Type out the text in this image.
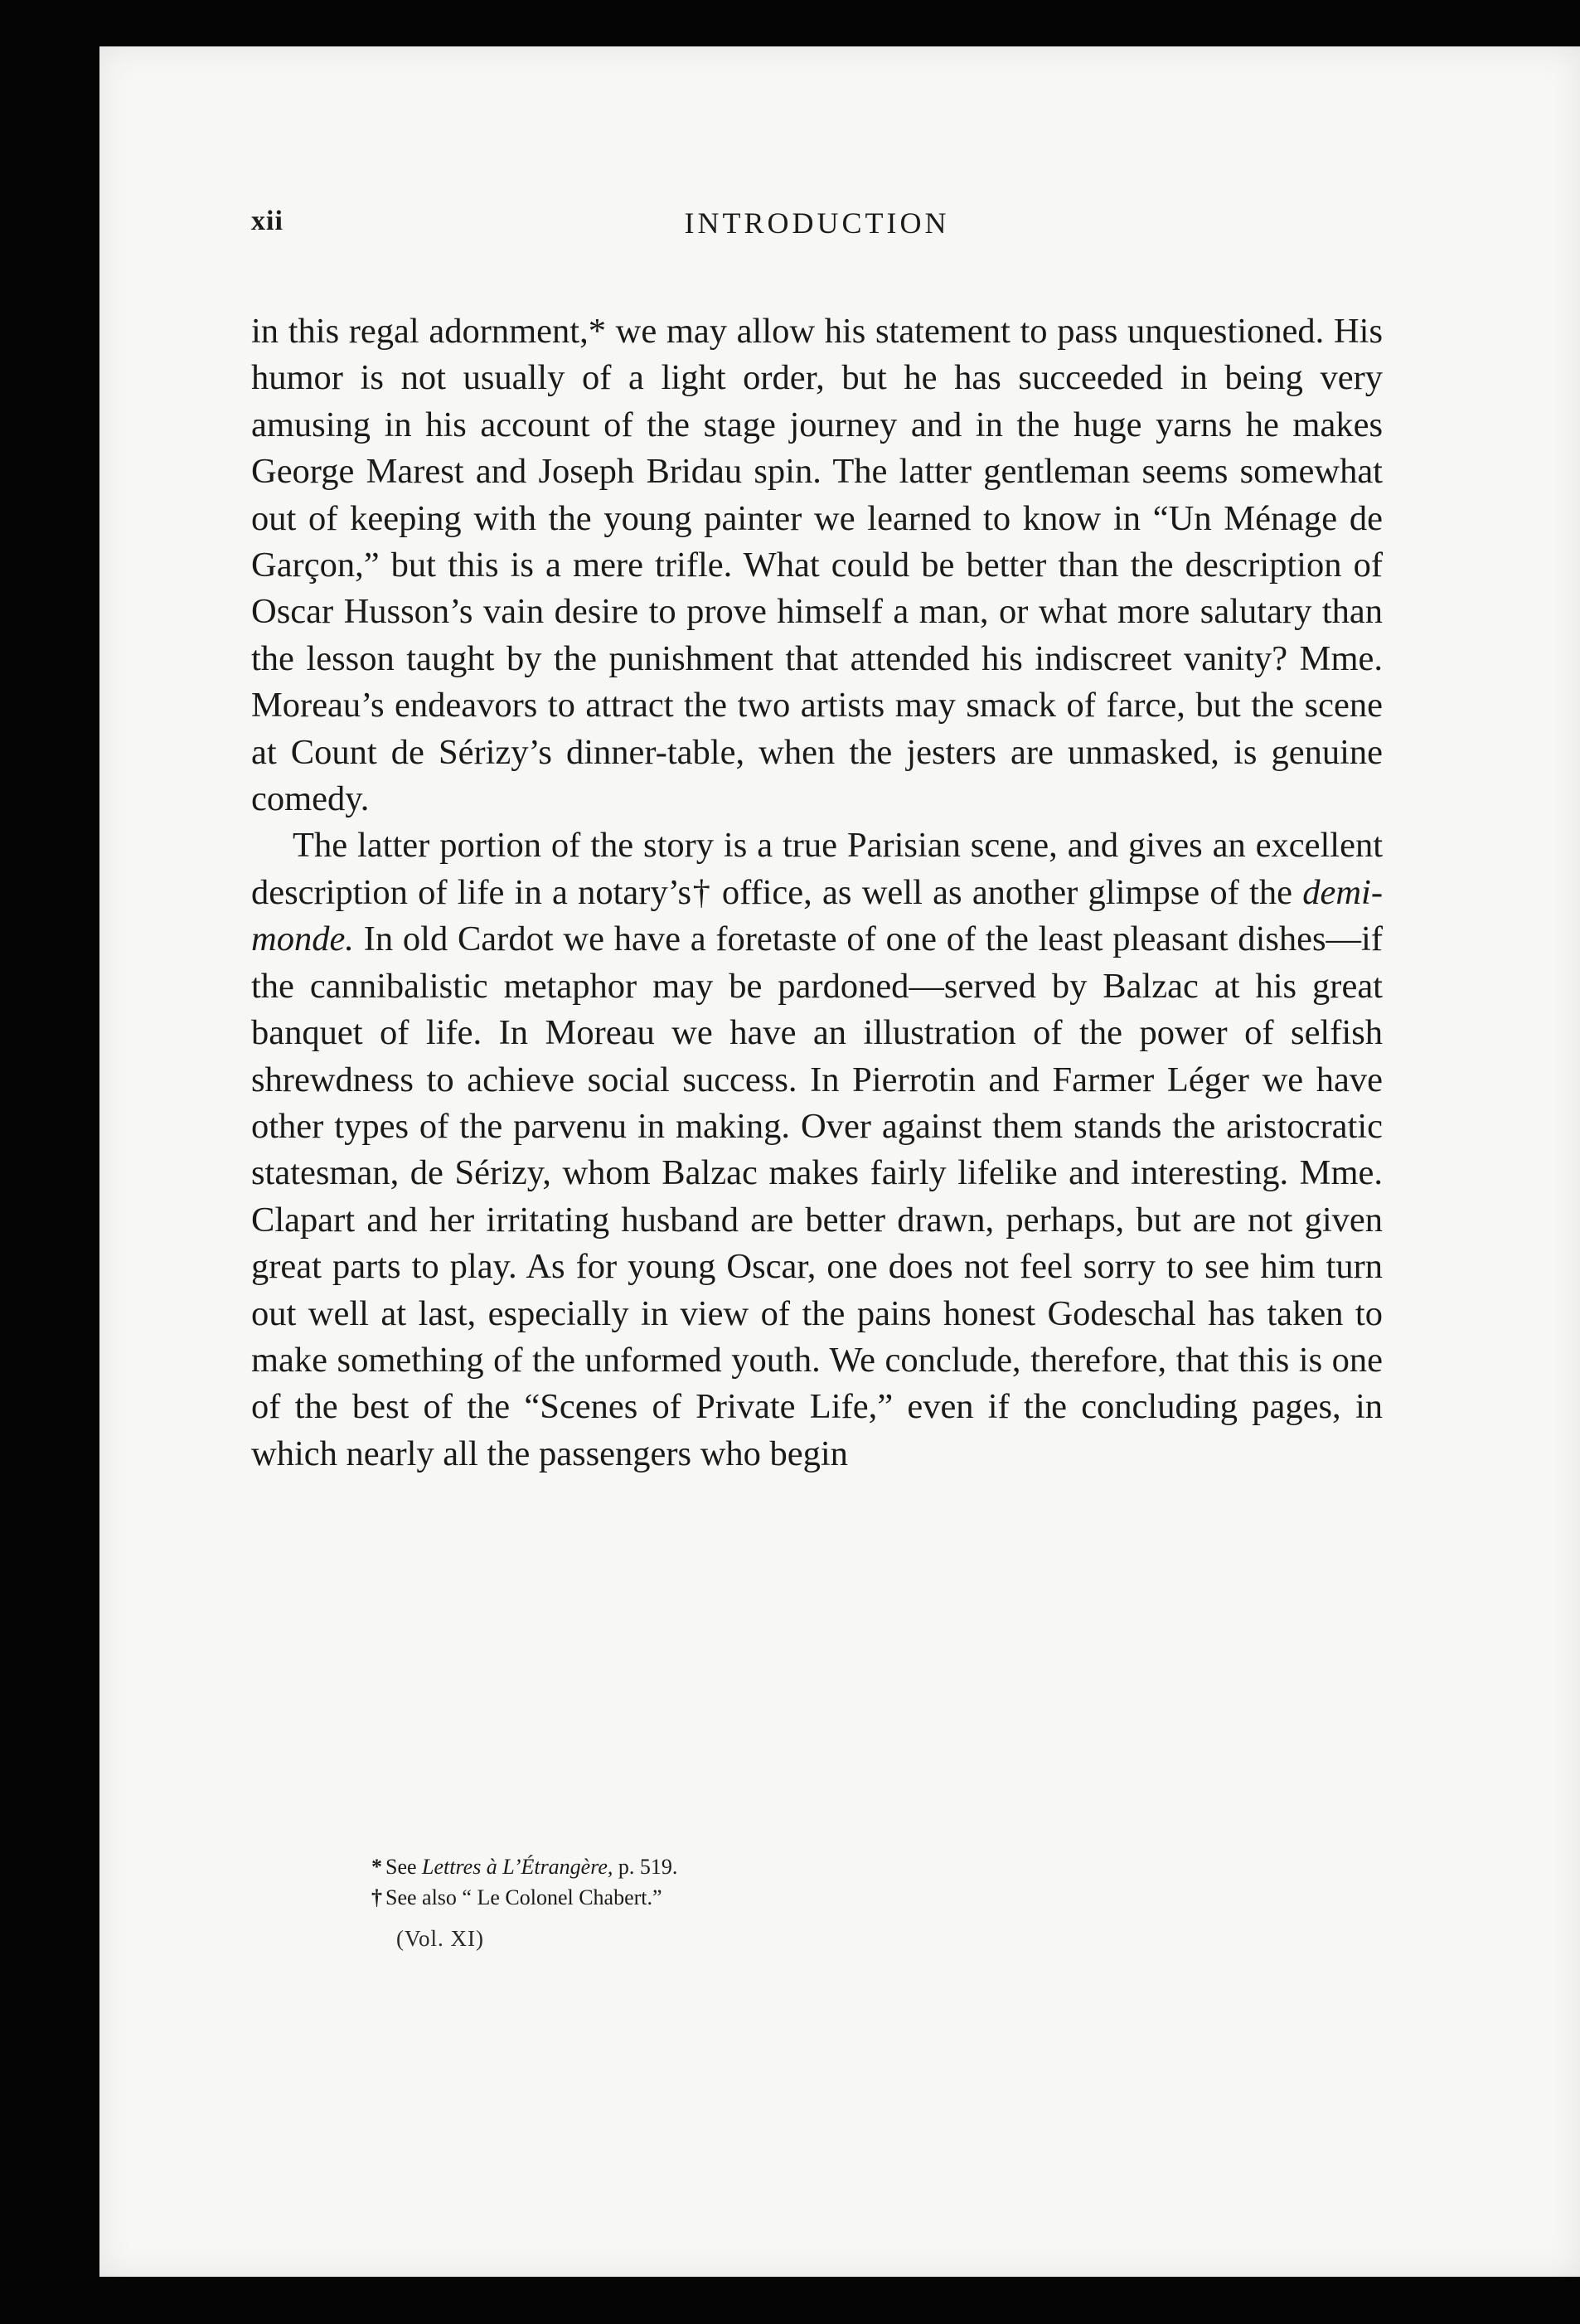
xii	INTRODUCTION

in this regal adornment,* we may allow his statement to pass unquestioned. His humor is not usually of a light order, but he has succeeded in being very amusing in his account of the stage journey and in the huge yarns he makes George Marest and Joseph Bridau spin. The latter gentleman seems somewhat out of keeping with the young painter we learned to know in “Un Ménage de Garçon,” but this is a mere trifle. What could be better than the description of Oscar Husson’s vain desire to prove himself a man, or what more salutary than the lesson taught by the punishment that attended his indiscreet vanity? Mme. Moreau’s endeavors to attract the two artists may smack of farce, but the scene at Count de Sérizy’s dinner-table, when the jesters are unmasked, is genuine comedy.

The latter portion of the story is a true Parisian scene, and gives an excellent description of life in a notary’s† office, as well as another glimpse of the demi-monde. In old Cardot we have a foretaste of one of the least pleasant dishes—if the cannibalistic metaphor may be pardoned—served by Balzac at his great banquet of life. In Moreau we have an illustration of the power of selfish shrewdness to achieve social success. In Pierrotin and Farmer Léger we have other types of the parvenu in making. Over against them stands the aristocratic statesman, de Sérizy, whom Balzac makes fairly lifelike and interesting. Mme. Clapart and her irritating husband are better drawn, perhaps, but are not given great parts to play. As for young Oscar, one does not feel sorry to see him turn out well at last, especially in view of the pains honest Godeschal has taken to make something of the unformed youth. We conclude, therefore, that this is one of the best of the “Scenes of Private Life,” even if the concluding pages, in which nearly all the passengers who begin

* See Lettres à L’Étrangère, p. 519.
† See also “ Le Colonel Chabert.”
(Vol. XI)
